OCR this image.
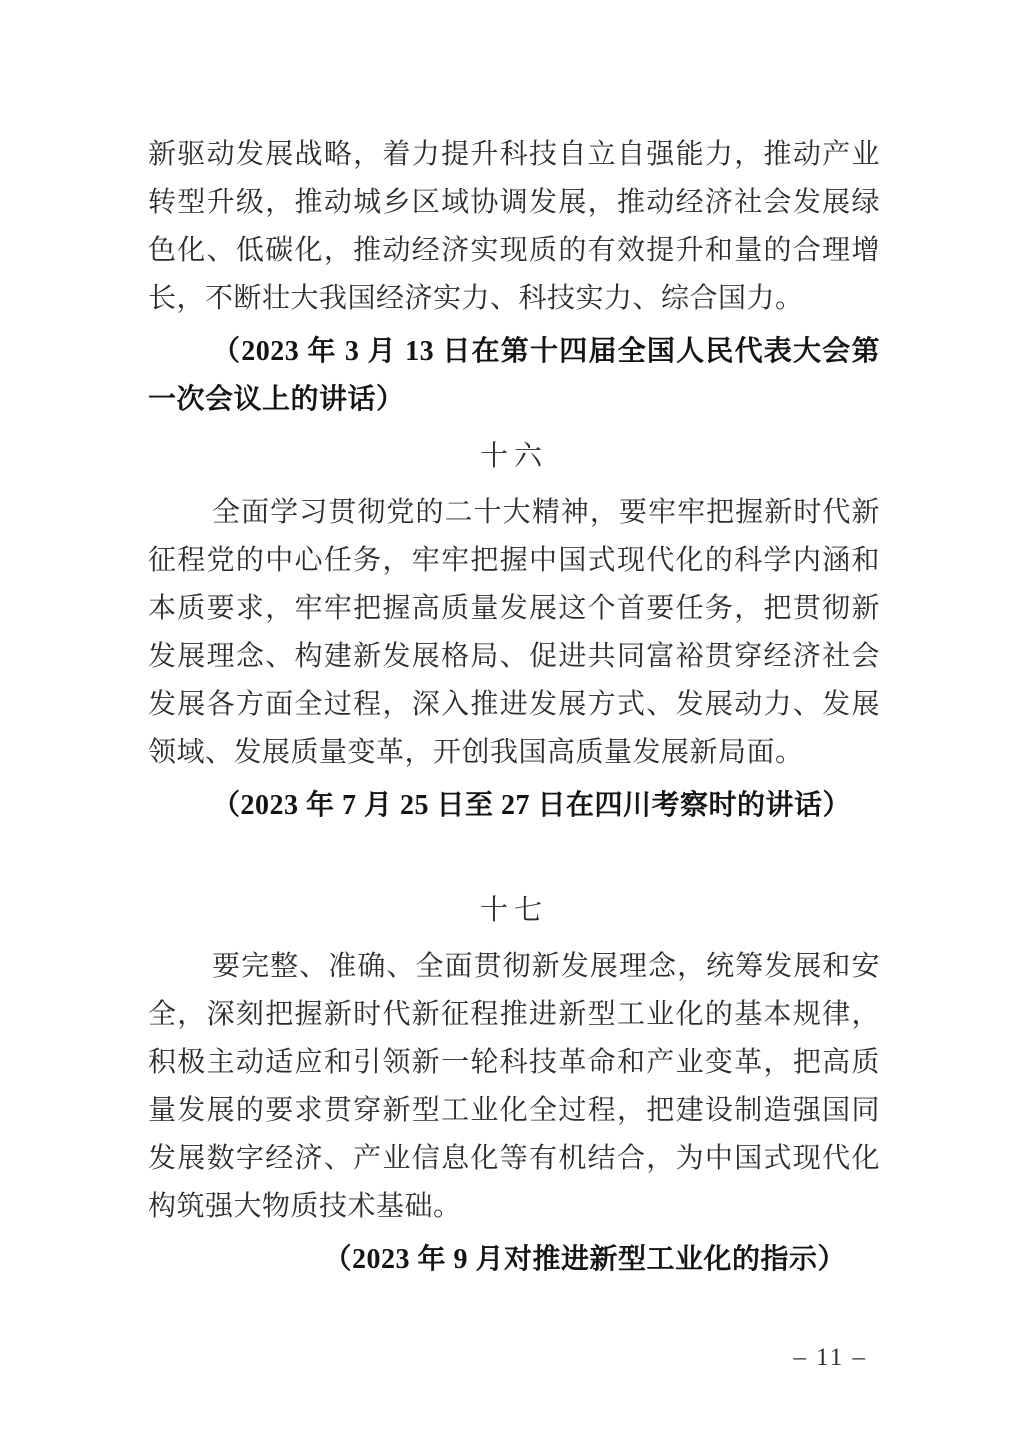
新驱动发展战略，着力提升科技自立自强能力，推动产业转型升级，推动城乡区域协调发展，推动经济社会发展绿色化、低碳化，推动经济实现质的有效提升和量的合理增长，不断壮大我国经济实力、科技实力、综合国力。

（2023 年 3 月 13 日在第十四届全国人民代表大会第一次会议上的讲话）

十六

全面学习贯彻党的二十大精神，要牢牢把握新时代新征程党的中心任务，牢牢把握中国式现代化的科学内涵和本质要求，牢牢把握高质量发展这个首要任务，把贯彻新发展理念、构建新发展格局、促进共同富裕贯穿经济社会发展各方面全过程，深入推进发展方式、发展动力、发展领域、发展质量变革，开创我国高质量发展新局面。

（2023 年 7 月 25 日至 27 日在四川考察时的讲话）

十七

要完整、准确、全面贯彻新发展理念，统筹发展和安全，深刻把握新时代新征程推进新型工业化的基本规律，积极主动适应和引领新一轮科技革命和产业变革，把高质量发展的要求贯穿新型工业化全过程，把建设制造强国同发展数字经济、产业信息化等有机结合，为中国式现代化构筑强大物质技术基础。

（2023 年 9 月对推进新型工业化的指示）

– 11 –
